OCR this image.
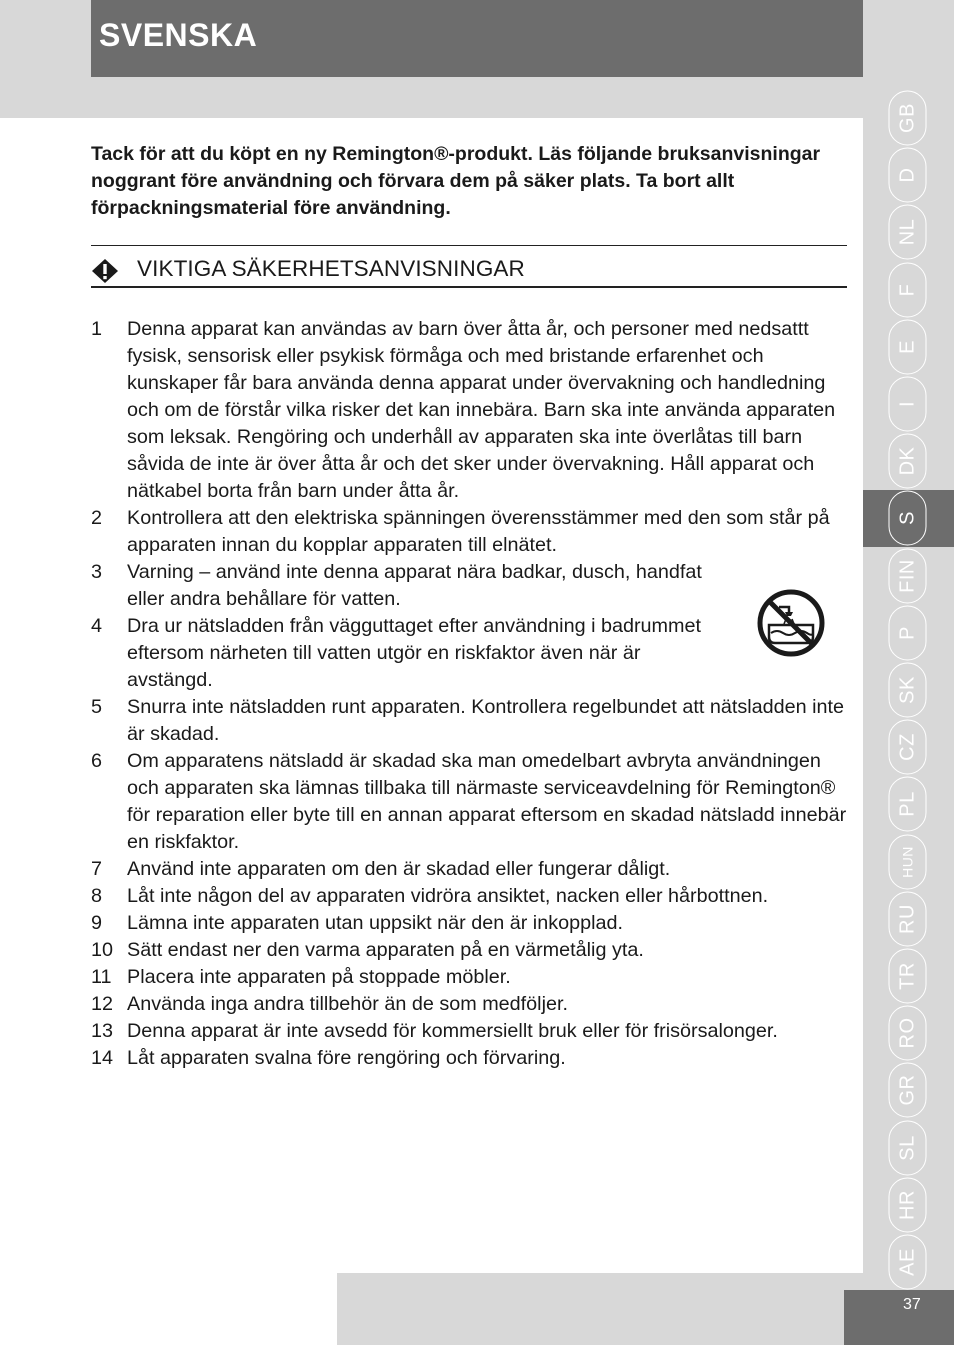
SVENSKA
Tack för att du köpt en ny Remington®-produkt. Läs följande bruksanvisningar noggrant före användning och förvara dem på säker plats. Ta bort allt förpackningsmaterial före användning.
VIKTIGA SÄKERHETSANVISNINGAR
1 Denna apparat kan användas av barn över åtta år, och personer med nedsattt fysisk, sensorisk eller psykisk förmåga och med bristande erfarenhet och kunskaper får bara använda denna apparat under övervakning och handledning och om de förstår vilka risker det kan innebära. Barn ska inte använda apparaten som leksak. Rengöring och underhåll av apparaten ska inte överlåtas till barn såvida de inte är över åtta år och det sker under övervakning. Håll apparat och nätkabel borta från barn under åtta år.
2 Kontrollera att den elektriska spänningen överensstämmer med den som står på apparaten innan du kopplar apparaten till elnätet.
3 Varning – använd inte denna apparat nära badkar, dusch, handfat eller andra behållare för vatten.
4 Dra ur nätsladden från vägguttaget efter användning i badrummet eftersom närheten till vatten utgör en riskfaktor även när är avstängd.
5 Snurra inte nätsladden runt apparaten. Kontrollera regelbundet att nätsladden inte är skadad.
6 Om apparatens nätsladd är skadad ska man omedelbart avbryta användningen och apparaten ska lämnas tillbaka till närmaste serviceavdelning för Remington® för reparation eller byte till en annan apparat eftersom en skadad nätsladd innebär en riskfaktor.
7 Använd inte apparaten om den är skadad eller fungerar dåligt.
8 Låt inte någon del av apparaten vidröra ansiktet, nacken eller hårbottnen.
9 Lämna inte apparaten utan uppsikt när den är inkopplad.
10 Sätt endast ner den varma apparaten på en värmetålig yta.
11 Placera inte apparaten på stoppade möbler.
12 Använda inga andra tillbehör än de som medföljer.
13 Denna apparat är inte avsedd för kommersiellt bruk eller för frisörsalonger.
14 Låt apparaten svalna före rengöring och förvaring.
GB
D
NL
F
E
I
DK
S
FIN
P
SK
CZ
PL
HUN
RU
TR
RO
GR
SL
HR
AE
37
